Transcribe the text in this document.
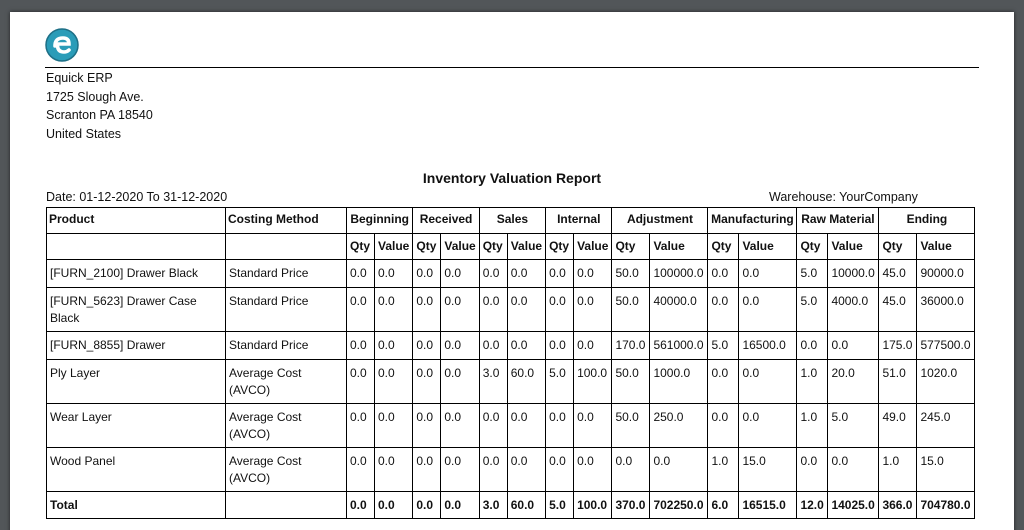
Equick ERP
1725 Slough Ave.
Scranton PA 18540
United States
Inventory Valuation Report
Date: 01-12-2020 To 31-12-2020	Warehouse: YourCompany
Product	Costing Method	Beginning		Received		Sales		Internal		Adjustment		Manufacturing		Raw Material		Ending	
		Qty	Value	Qty	Value	Qty	Value	Qty	Value	Qty	Value	Qty	Value	Qty	Value	Qty	Value
[FURN_2100] Drawer Black	Standard Price	0.0	0.0	0.0	0.0	0.0	0.0	0.0	0.0	50.0	100000.0	0.0	0.0	5.0	10000.0	45.0	90000.0
[FURN_5623] Drawer Case Black	Standard Price	0.0	0.0	0.0	0.0	0.0	0.0	0.0	0.0	50.0	40000.0	0.0	0.0	5.0	4000.0	45.0	36000.0
[FURN_8855] Drawer	Standard Price	0.0	0.0	0.0	0.0	0.0	0.0	0.0	0.0	170.0	561000.0	5.0	16500.0	0.0	0.0	175.0	577500.0
Ply Layer	Average Cost (AVCO)	0.0	0.0	0.0	0.0	3.0	60.0	5.0	100.0	50.0	1000.0	0.0	0.0	1.0	20.0	51.0	1020.0
Wear Layer	Average Cost (AVCO)	0.0	0.0	0.0	0.0	0.0	0.0	0.0	0.0	50.0	250.0	0.0	0.0	1.0	5.0	49.0	245.0
Wood Panel	Average Cost (AVCO)	0.0	0.0	0.0	0.0	0.0	0.0	0.0	0.0	0.0	0.0	1.0	15.0	0.0	0.0	1.0	15.0
Total		0.0	0.0	0.0	0.0	3.0	60.0	5.0	100.0	370.0	702250.0	6.0	16515.0	12.0	14025.0	366.0	704780.0
